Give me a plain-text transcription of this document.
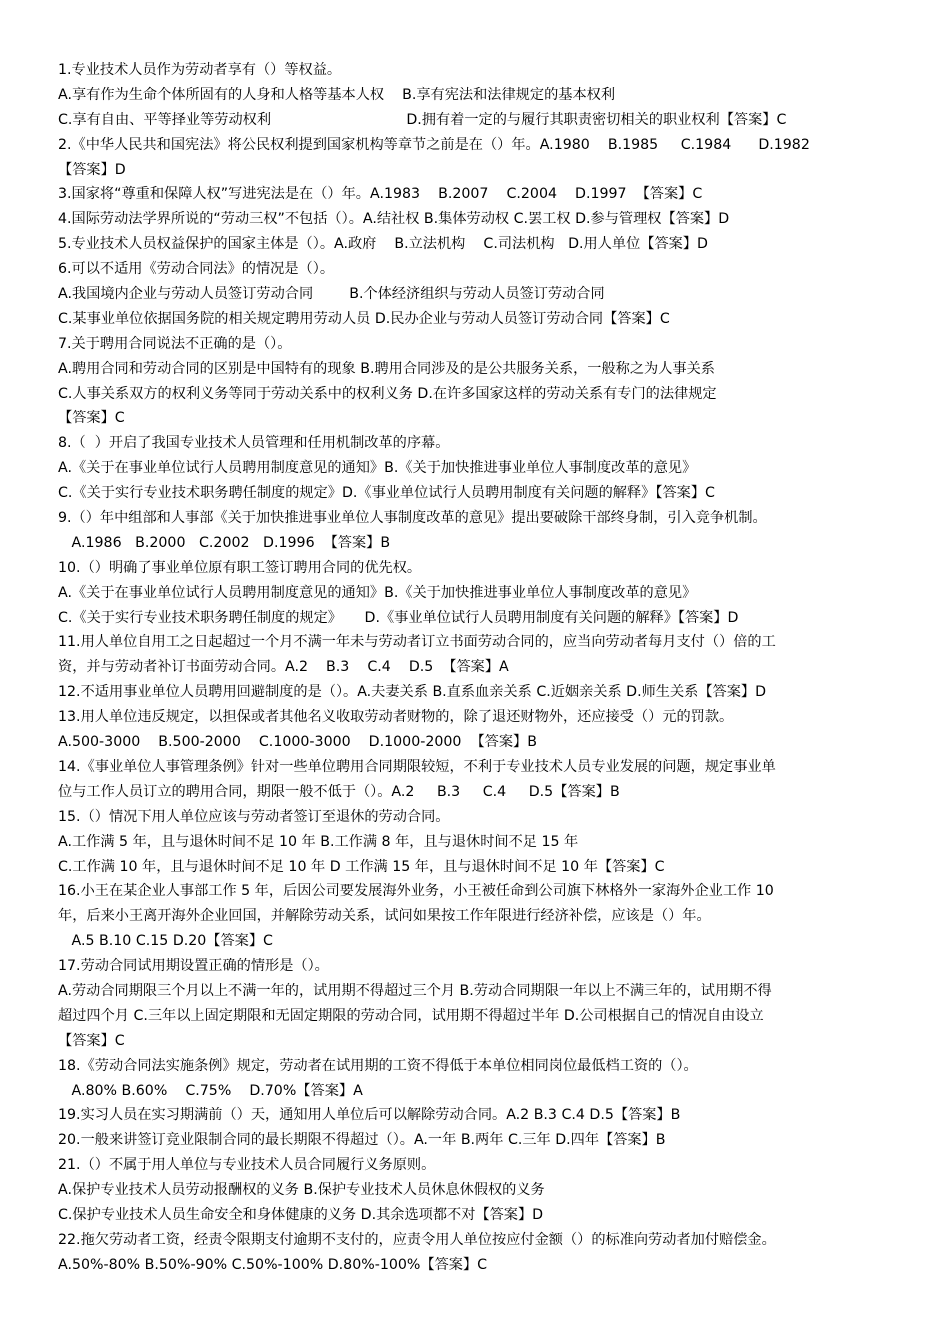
1.专业技术人员作为劳动者享有（）等权益。
A.享有作为生命个体所固有的人身和人格等基本人权    B.享有宪法和法律规定的基本权利
C.享有自由、平等择业等劳动权利                              D.拥有着一定的与履行其职责密切相关的职业权利【答案】C
2.《中华人民共和国宪法》将公民权利提到国家机构等章节之前是在（）年。A.1980    B.1985     C.1984      D.1982
【答案】D
3.国家将“尊重和保障人权”写进宪法是在（）年。A.1983    B.2007    C.2004    D.1997  【答案】C
4.国际劳动法学界所说的“劳动三权”不包括（）。A.结社权 B.集体劳动权 C.罢工权 D.参与管理权【答案】D
5.专业技术人员权益保护的国家主体是（）。A.政府    B.立法机构    C.司法机构   D.用人单位【答案】D
6.可以不适用《劳动合同法》的情况是（）。
A.我国境内企业与劳动人员签订劳动合同        B.个体经济组织与劳动人员签订劳动合同
C.某事业单位依据国务院的相关规定聘用劳动人员 D.民办企业与劳动人员签订劳动合同【答案】C
7.关于聘用合同说法不正确的是（）。
A.聘用合同和劳动合同的区别是中国特有的现象 B.聘用合同涉及的是公共服务关系，一般称之为人事关系
C.人事关系双方的权利义务等同于劳动关系中的权利义务 D.在许多国家这样的劳动关系有专门的法律规定
【答案】C
8.（  ）开启了我国专业技术人员管理和任用机制改革的序幕。
A.《关于在事业单位试行人员聘用制度意见的通知》B.《关于加快推进事业单位人事制度改革的意见》
C.《关于实行专业技术职务聘任制度的规定》D.《事业单位试行人员聘用制度有关问题的解释》【答案】C
9.（）年中组部和人事部《关于加快推进事业单位人事制度改革的意见》提出要破除干部终身制，引入竞争机制。
A.1986   B.2000   C.2002   D.1996  【答案】B
10.（）明确了事业单位原有职工签订聘用合同的优先权。
A.《关于在事业单位试行人员聘用制度意见的通知》B.《关于加快推进事业单位人事制度改革的意见》
C.《关于实行专业技术职务聘任制度的规定》     D.《事业单位试行人员聘用制度有关问题的解释》【答案】D
11.用人单位自用工之日起超过一个月不满一年未与劳动者订立书面劳动合同的，应当向劳动者每月支付（）倍的工
资，并与劳动者补订书面劳动合同。A.2    B.3    C.4    D.5  【答案】A
12.不适用事业单位人员聘用回避制度的是（）。A.夫妻关系 B.直系血亲关系 C.近姻亲关系 D.师生关系【答案】D
13.用人单位违反规定，以担保或者其他名义收取劳动者财物的，除了退还财物外，还应接受（）元的罚款。
A.500-3000    B.500-2000    C.1000-3000    D.1000-2000  【答案】B
14.《事业单位人事管理条例》针对一些单位聘用合同期限较短，不利于专业技术人员专业发展的问题，规定事业单
位与工作人员订立的聘用合同，期限一般不低于（）。A.2     B.3     C.4     D.5【答案】B
15.（）情况下用人单位应该与劳动者签订至退休的劳动合同。
A.工作满 5 年，且与退休时间不足 10 年 B.工作满 8 年，且与退休时间不足 15 年
C.工作满 10 年，且与退休时间不足 10 年 D 工作满 15 年，且与退休时间不足 10 年【答案】C
16.小王在某企业人事部工作 5 年，后因公司要发展海外业务，小王被任命到公司旗下林格外一家海外企业工作 10
年，后来小王离开海外企业回国，并解除劳动关系，试问如果按工作年限进行经济补偿，应该是（）年。
A.5 B.10 C.15 D.20【答案】C
17.劳动合同试用期设置正确的情形是（）。
A.劳动合同期限三个月以上不满一年的，试用期不得超过三个月 B.劳动合同期限一年以上不满三年的，试用期不得
超过四个月 C.三年以上固定期限和无固定期限的劳动合同，试用期不得超过半年 D.公司根据自己的情况自由设立
【答案】C
18.《劳动合同法实施条例》规定，劳动者在试用期的工资不得低于本单位相同岗位最低档工资的（）。
A.80% B.60%    C.75%    D.70%【答案】A
19.实习人员在实习期满前（）天，通知用人单位后可以解除劳动合同。A.2 B.3 C.4 D.5【答案】B
20.一般来讲签订竞业限制合同的最长期限不得超过（）。A.一年 B.两年 C.三年 D.四年【答案】B
21.（）不属于用人单位与专业技术人员合同履行义务原则。
A.保护专业技术人员劳动报酬权的义务 B.保护专业技术人员休息休假权的义务
C.保护专业技术人员生命安全和身体健康的义务 D.其余选项都不对【答案】D
22.拖欠劳动者工资，经责令限期支付逾期不支付的，应责令用人单位按应付金额（）的标准向劳动者加付赔偿金。
A.50%-80% B.50%-90% C.50%-100% D.80%-100%【答案】C
